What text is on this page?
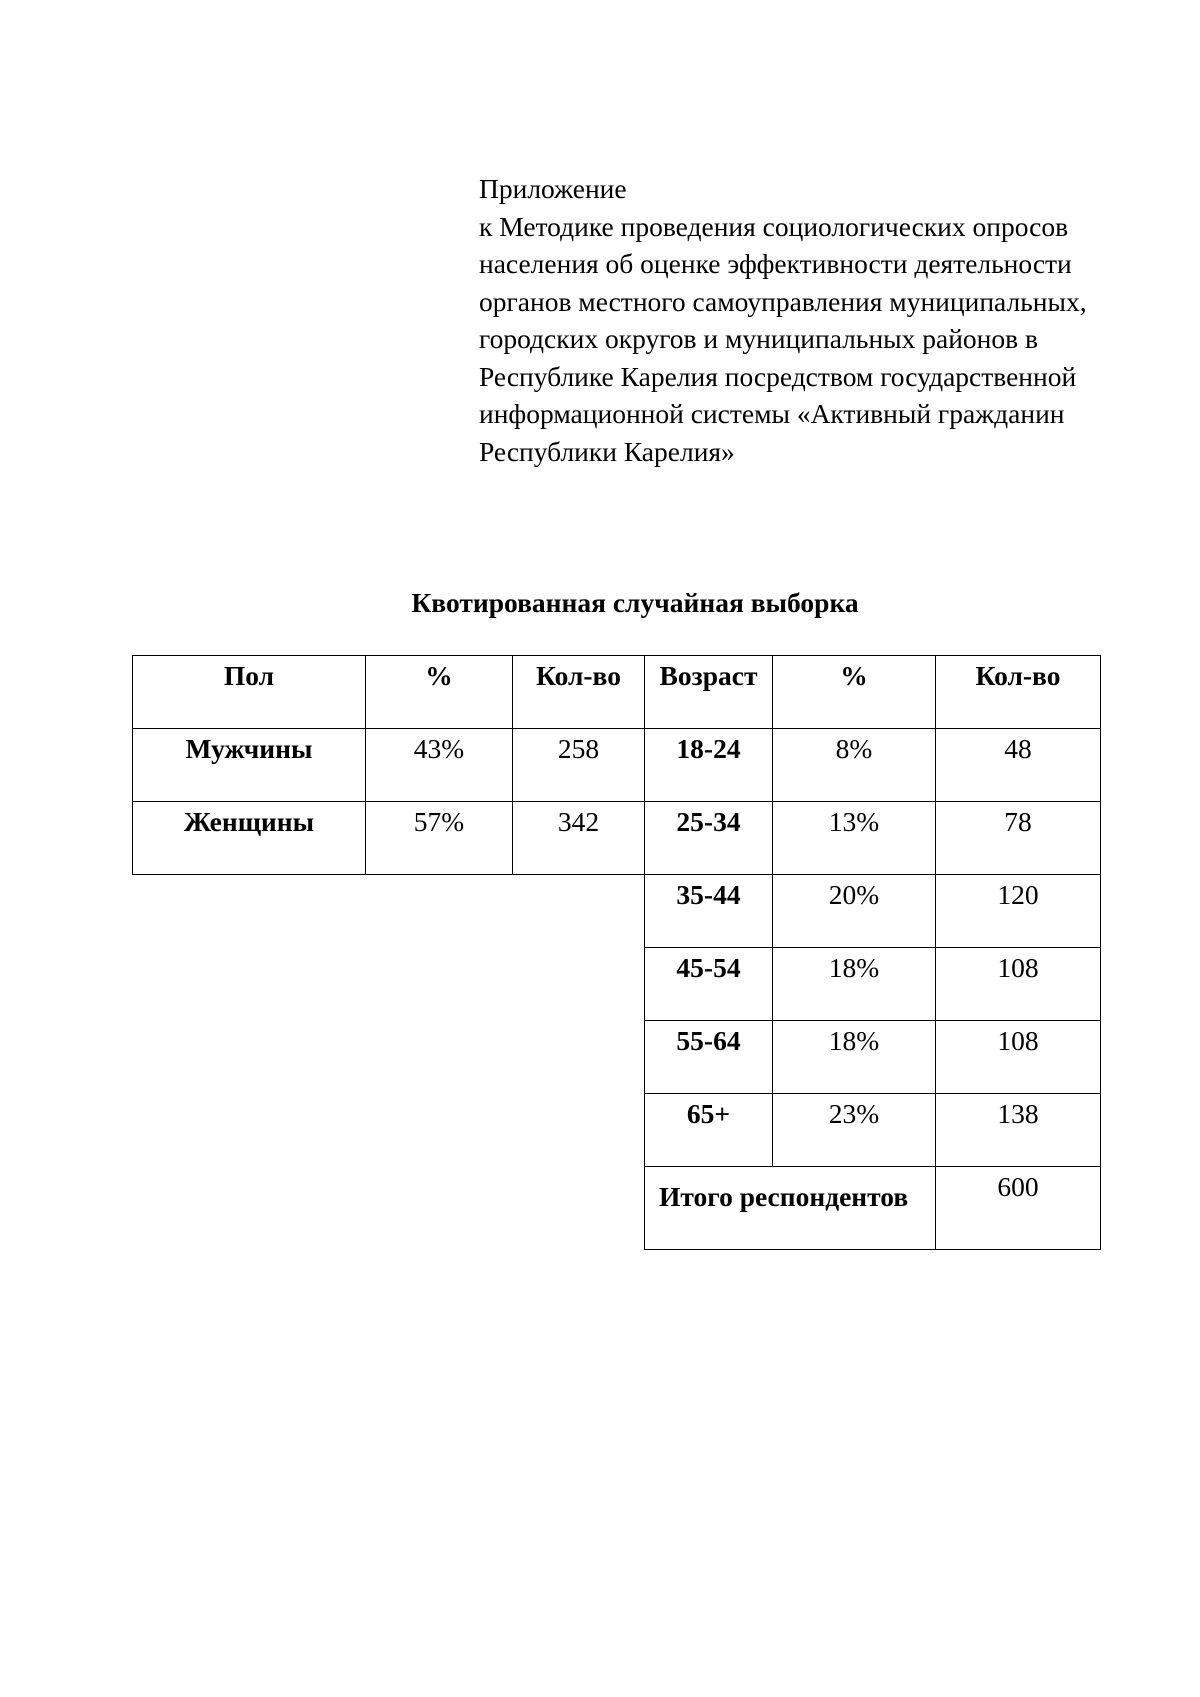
Приложение
к Методике проведения социологических опросов
населения об оценке эффективности деятельности
органов местного самоуправления муниципальных,
городских округов и муниципальных районов в
Республике Карелия посредством государственной
информационной системы «Активный гражданин
Республики Карелия»
Квотированная случайная выборка
Пол	%	Кол-во	Возраст	%	Кол-во
Мужчины	43%	258	18-24	8%	48
Женщины	57%	342	25-34	13%	78
			35-44	20%	120
			45-54	18%	108
			55-64	18%	108
			65+	23%	138
			Итого респондентов		600
